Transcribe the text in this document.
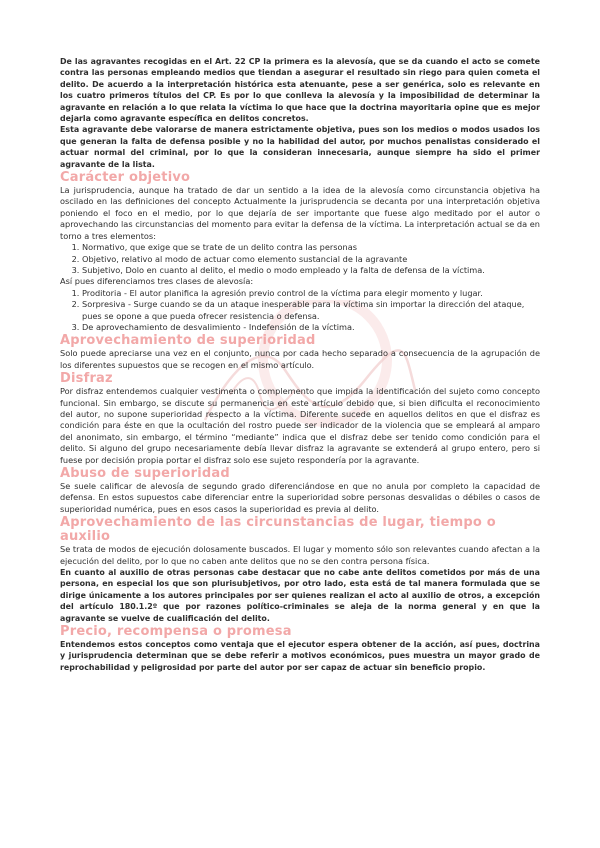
De las agravantes recogidas en el Art. 22 CP la primera es la alevosía, que se da cuando el acto se comete contra las personas empleando medios que tiendan a asegurar el resultado sin riego para quien cometa el delito. De acuerdo a la interpretación histórica esta atenuante, pese a ser genérica, solo es relevante en los cuatro primeros títulos del CP. Es por lo que conlleva la alevosía y la imposibilidad de determinar la agravante en relación a lo que relata la víctima lo que hace que la doctrina mayoritaria opine que es mejor dejarla como agravante específica en delitos concretos.

Esta agravante debe valorarse de manera estrictamente objetiva, pues son los medios o modos usados los que generan la falta de defensa posible y no la habilidad del autor, por muchos penalistas considerado el actuar normal del criminal, por lo que la consideran innecesaria, aunque siempre ha sido el primer agravante de la lista.

Carácter objetivo

La jurisprudencia, aunque ha tratado de dar un sentido a la idea de la alevosía como circunstancia objetiva ha oscilado en las definiciones del concepto Actualmente la jurisprudencia se decanta por una interpretación objetiva poniendo el foco en el medio, por lo que dejaría de ser importante que fuese algo meditado por el autor o aprovechando las circunstancias del momento para evitar la defensa de la víctima. La interpretación actual se da en torno a tres elementos:

1. Normativo, que exige que se trate de un delito contra las personas
2. Objetivo, relativo al modo de actuar como elemento sustancial de la agravante
3. Subjetivo, Dolo en cuanto al delito, el medio o modo empleado y la falta de defensa de la víctima.

Así pues diferenciamos tres clases de alevosía:

1. Proditoria - El autor planifica la agresión previo control de la víctima para elegir momento y lugar.
2. Sorpresiva - Surge cuando se da un ataque inesperable para la víctima sin importar la dirección del ataque, pues se opone a que pueda ofrecer resistencia o defensa.
3. De aprovechamiento de desvalimiento - Indefensión de la víctima.
Aprovechamiento de superioridad

Solo puede apreciarse una vez en el conjunto, nunca por cada hecho separado a consecuencia de la agrupación de los diferentes supuestos que se recogen en el mismo artículo.

Disfraz

Por disfraz entendemos cualquier vestimenta o complemento que impida la identificación del sujeto como concepto funcional. Sin embargo, se discute su permanencia en este artículo debido que, si bien dificulta el reconocimiento del autor, no supone superioridad respecto a la víctima. Diferente sucede en aquellos delitos en que el disfraz es condición para éste en que la ocultación del rostro puede ser indicador de la violencia que se empleará al amparo del anonimato, sin embargo, el término “mediante” indica que el disfraz debe ser tenido como condición para el delito. Si alguno del grupo necesariamente debía llevar disfraz la agravante se extenderá al grupo entero, pero si fuese por decisión propia portar el disfraz solo ese sujeto respondería por la agravante.

Abuso de superioridad

Se suele calificar de alevosía de segundo grado diferenciándose en que no anula por completo la capacidad de defensa. En estos supuestos cabe diferenciar entre la superioridad sobre personas desvalidas o débiles o casos de superioridad numérica, pues en esos casos la superioridad es previa al delito.

Aprovechamiento de las circunstancias de lugar, tiempo o auxilio

Se trata de modos de ejecución dolosamente buscados. El lugar y momento sólo son relevantes cuando afectan a la ejecución del delito, por lo que no caben ante delitos que no se den contra persona física.

En cuanto al auxilio de otras personas cabe destacar que no cabe ante delitos cometidos por más de una persona, en especial los que son plurisubjetivos, por otro lado, esta está de tal manera formulada que se dirige únicamente a los autores principales por ser quienes realizan el acto al auxilio de otros, a excepción del artículo 180.1.2º que por razones político-criminales se aleja de la norma general y en que la agravante se vuelve de cualificación del delito.

Precio, recompensa o promesa

Entendemos estos conceptos como ventaja que el ejecutor espera obtener de la acción, así pues, doctrina y jurisprudencia determinan que se debe referir a motivos económicos, pues muestra un mayor grado de reprochabilidad y peligrosidad por parte del autor por ser capaz de actuar sin beneficio propio.
